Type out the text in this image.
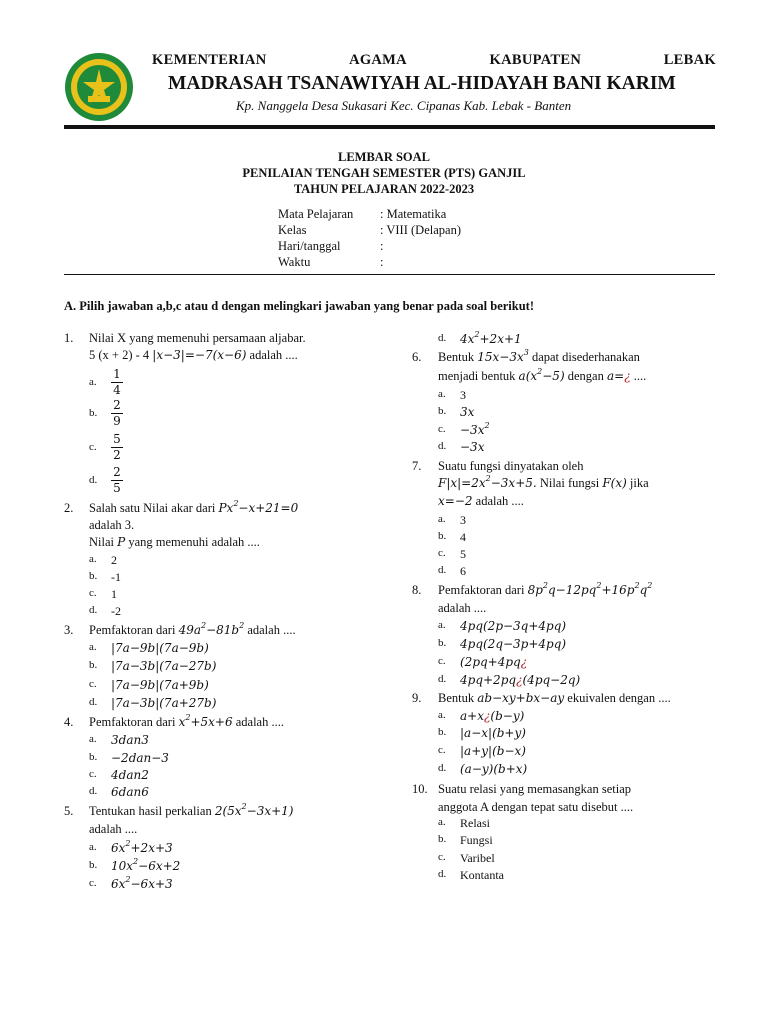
KEMENTERIAN	AGAMA	KABUPATEN	LEBAK
MADRASAH TSANAWIYAH AL-HIDAYAH BANI KARIM
Kp. Nanggela Desa Sukasari Kec. Cipanas Kab. Lebak - Banten
LEMBAR SOAL
PENILAIAN TENGAH SEMESTER (PTS) GANJIL
TAHUN PELAJARAN 2022-2023
Mata Pelajaran : Matematika
Kelas	: VIII (Delapan)
Hari/tanggal	:
Waktu	:
A. Pilih jawaban a,b,c atau d dengan melingkari jawaban yang benar pada soal berikut!
1. Nilai X yang memenuhi persamaan aljabar.
5 (x + 2) - 4 |x−3|=−7(x−6) adalah ....
a.
1
4
b.
2
9
c.
5
2
d.
2
5
2. Salah satu Nilai akar dari $Px^2-x+21=0$
adalah 3.
Nilai P yang memenuhi adalah ....
a. 2
b. -1
c. 1
d. -2
3. Pemfaktoran dari $49a^2-81b^2$ adalah ....
a. |7a−9b|(7a−9b)
b. |7a−3b|(7a−27b)
c. |7a−9b|(7a+9b)
d. |7a−3b|(7a+27b)
4. Pemfaktoran dari $x^2+5x+6$ adalah ....
a. 3dan3
b. −2dan−3
c. 4dan2
d. 6dan6
5. Tentukan hasil perkalian $2(5x^2-3x+1)$
adalah ....
a. $6x^2+2x+3$
b. $10x^2-6x+2$
c. $6x^2-6x+3$
d. $4x^2+2x+1$
6. Bentuk $15x-3x^3$ dapat disederhanakan
menjadi bentuk $a(x^2-5)$ dengan a=¿ ....
a. 3
b. 3x
c. $-3x^2$
d. −3x
7. Suatu fungsi dinyatakan oleh
$F|x|=2x^2-3x+5$. Nilai fungsi F(x) jika
x=−2 adalah ....
a. 3
b. 4
c. 5
d. 6
8. Pemfaktoran dari $8p^2q-12pq^2+16p^2q^2$
adalah ....
a. 4pq(2p−3q+4pq)
b. 4pq(2q−3p+4pq)
c. (2pq+4pq¿
d. 4pq+2pq¿(4pq−2q)
9. Bentuk ab−xy+bx−ay ekuivalen dengan ....
a. a+x¿(b−y)
b. |a−x|(b+y)
c. |a+y|(b−x)
d. (a−y)(b+x)
10. Suatu relasi yang memasangkan setiap
anggota A dengan tepat satu disebut ....
a. Relasi
b. Fungsi
c. Varibel
d. Kontanta
